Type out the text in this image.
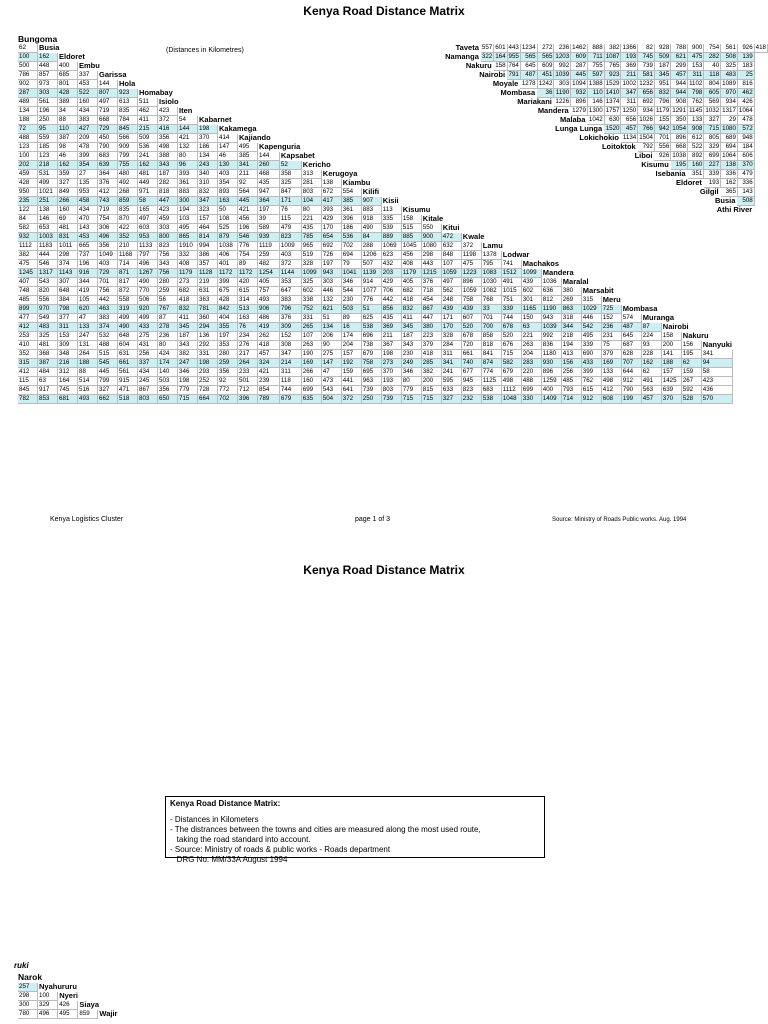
Kenya Road Distance Matrix
Bungoma
(Distances in Kilometres)
62	Busia																																	
100	162	Eldoret																																
500	448	400	Embu																															
786	857	685	337	Garissa																														
902	973	801	453	144	Hola																													
287	303	428	522	807	923	Homabay																												
489	561	389	160	497	613	511	Isiolo																											
134	196	34	434	719	835	462	423	Iten																										
188	250	88	383	668	784	411	372	54	Kabarnet																									
72	95	110	427	729	845	215	416	144	198	Kakamega																								
488	559	387	209	450	566	509	356	421	370	414	Kajiando																							
123	185	98	478	790	909	536	498	132	186	147	495	Kapenguria																						
100	123	46	399	683	799	241	388	80	134	46	385	144	Kapsabet																					
202	218	162	354	639	755	162	343	96	243	130	341	260	52	Kericho																				
459	531	359	27	364	480	481	187	393	340	403	211	468	358	313	Kerugoya																			
428	499	327	135	376	492	449	282	361	310	354	92	435	325	281	138	Kiambu																		
950	1021	849	953	412	268	971	818	883	832	893	564	947	847	803	672	554	Kilifi																	
235	251	266	458	743	859	58	447	300	347	163	445	364	171	104	417	385	907	Kisii																
122	138	160	434	719	835	165	423	194	323	50	421	197	76	80	393	361	883	113	Kisumu															
84	146	69	470	754	870	497	459	103	157	108	456	39	115	221	429	396	918	335	158	Kitale														
582	653	481	143	306	422	603	303	495	464	525	196	589	479	435	170	186	490	539	515	550	Kitui													
932	1003	831	453	496	352	953	800	865	814	879	546	939	823	785	654	536	84	889	885	900	472	Kwale												
1112	1183	1011	665	356	210	1133	823	1910	994	1038	776	1119	1009	965	692	702	288	1069	1045	1080	632	372	Lamu											
382	444	298	737	1049	1168	797	756	332	386	406	754	259	403	519	726	694	1206	623	456	298	848	1198	1378	Lodwar										
475	546	374	196	403	714	496	343	408	357	401	89	482	372	328	197	79	507	432	408	443	107	475	795	741	Machakos									
1245	1317	1143	916	729	871	1267	756	1179	1128	1172	1172	1254	1144	1099	943	1041	1139	203	1179	1215	1059	1223	1083	1512	1099	Mandera								
407	543	307	344	701	817	490	280	273	219	399	420	405	353	325	303	346	914	429	405	376	497	896	1030	491	439	1036	Maralal							
748	820	648	419	756	872	770	259	682	631	675	615	757	647	602	446	544	1077	706	682	718	562	1059	1082	1015	602	636	380	Marsabit						
485	556	384	105	442	558	506	56	418	363	428	314	493	383	338	132	230	776	442	418	454	248	758	768	751	301	812	269	315	Meru					
899	970	798	620	463	319	920	767	832	781	842	513	906	796	752	621	503	51	856	832	867	439	439	33	339	1165	1190	863	1029	725	Mombasa				
477	549	377	47	383	499	499	87	411	360	404	163	486	376	331	51	89	625	435	411	447	171	607	701	744	150	943	318	446	152	574	Muranga			
412	483	311	133	374	490	433	278	345	294	355	76	419	309	265	134	16	538	369	345	380	170	520	700	678	63	1039	344	542	236	487	87	Nairobi		
253	325	153	247	532	648	275	236	187	136	197	234	262	152	107	206	174	696	211	187	223	328	678	858	520	221	992	218	495	231	645	224	158	Nakuru	
410	481	309	131	488	604	431	80	343	292	353	276	418	308	263	90	204	738	367	343	379	284	720	818	676	263	836	194	339	75	687	93	200	156	Nanyuki
352	368	348	264	515	631	256	424	382	331	280	217	457	347	190	275	157	679	198	230	418	311	661	841	715	204	1180	413	690	379	628	228	141	195	341
315	387	216	188	545	661	337	174	247	198	259	264	324	214	169	147	192	758	273	249	285	341	740	874	582	283	930	156	433	169	707	162	188	62	94
412	484	312	88	445	561	434	140	346	293	356	233	421	311	266	47	159	695	370	346	382	241	677	774	679	220	896	256	399	133	644	62	157	159	58
115	63	164	514	799	915	245	503	198	252	92	501	239	118	160	473	441	963	193	80	200	595	945	1125	498	488	1259	485	762	498	912	491	1425	267	423
845	917	745	516	327	471	867	356	779	728	772	712	854	744	699	543	641	739	803	779	815	633	823	683	1112	699	400	793	615	412	790	563	639	592	436
782	853	681	493	662	518	803	650	715	664	702	396	789	679	635	504	372	250	739	715	715	327	232	538	1048	330	1409	714	912	608	199	457	370	528	570
Taveta	557	601	443	1234	272	236	1462	888	382	1366	82	928	788	900	754	561	926	418
Namanga	322	164	955	565	565	1203	609	711	1087	193	745	509	621	475	282	508	139	
Nakuru		158	764	645	609	992	287	755	765	369	739	187	299	153	40	325	183	
Nairobi			791	487	451	1039	445	597	923	211	581	345	457	311	118	483	25	
Moyale				1278	1242	303	1094	1388	1529	1002	1232	951	944	1102	804	1089	816	
	Mombasa				36	1190	932	110	1410	347	656	832	944	798	605	970	462	
		Mariakani				1226	896	146	1374	311	692	796	908	762	569	934	426	
			Mandera				1279	1300	1757	1250	934	1179	1291	1145	1032	1317	1064	
				Malaba				1042	630	656	1026	155	350	133	327	29	478	
					Lunga Lunga				1520	457	766	942	1054	908	715	1080	572	
						Lokichokio				1134	1504	701	896	612	805	689	948	
							Loitoktok				792	556	668	522	329	694	184	
								Liboi				926	1038	892	699	1064	606	
									Kisumu				195	160	227	138	370	
										Isebania				351	339	336	479	
											Eldoret				193	162	336	
												Gilgil				365	143	
													Busia				508	
														Athi River				
Kenya Logistics Cluster	page 1 of 3	Source: Ministry of Roads Public works. Aug. 1994
Kenya Road Distance Matrix
Kenya Road Distance Matrix:
- Distances in Kilometers
- The distrances between the towns and cities are measured along the most used route,
taking the road standard into account.
- Source: Ministry of roads & public works - Roads department
DRG No. MM/33A August 1994
ruki
Narok
257	Nyahururu			
298	100	Nyeri		
300	329	426	Siaya	
780	496	495	859	Wajir
